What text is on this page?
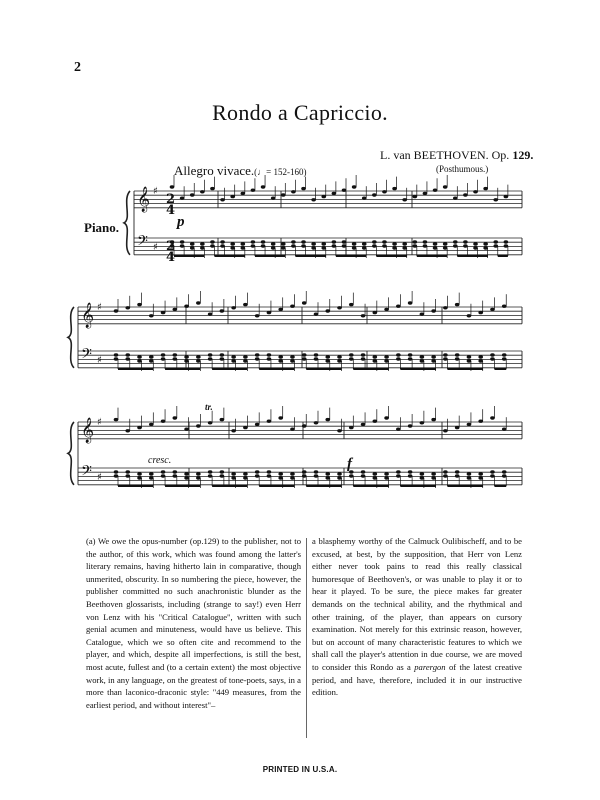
2
Rondo a Capriccio.
L. van BEETHOVEN. Op. 129.
(Posthumous.)
Allegro vivace.(♩= 152-160)
Piano.
𝄞 ♯
𝄢 ♯
𝄞 ♯
𝄢 ♯
𝄞 ♯
𝄢 ♯
2
4
2
4
p
f
cresc.
tr.
(a) We owe the opus-number (op.129) to the publisher, not to the author, of this work, which was found among the latter's literary remains, having hitherto lain in comparative, though unmerited, obscurity. In so numbering the piece, however, the publisher committed no such anachronistic blunder as the Beethoven glossarists, including (strange to say!) even Herr von Lenz with his "Critical Catalogue", written with such genial acumen and minuteness, would have us believe. This Catalogue, which we so often cite and recommend to the player, and which, despite all imperfections, is still the best, most acute, fullest and (to a certain extent) the most objective work, in any language, on the greatest of tone-poets, says, in a more than laconico-draconic style: "449 measures, from the earliest period, and without interest"–
a blasphemy worthy of the Calmuck Oulibischeff, and to be excused, at best, by the supposition, that Herr von Lenz either never took pains to read this really classical humoresque of Beethoven's, or was unable to play it or to hear it played. To be sure, the piece makes far greater demands on the technical ability, and the rhythmical and other training, of the player, than appears on cursory examination. Not merely for this extrinsic reason, however, but on account of many characteristic features to which we shall call the player's attention in due course, we are moved to consider this Rondo as a parergon of the latest creative period, and have, therefore, included it in our instructive edition.
PRINTED IN U.S.A.
